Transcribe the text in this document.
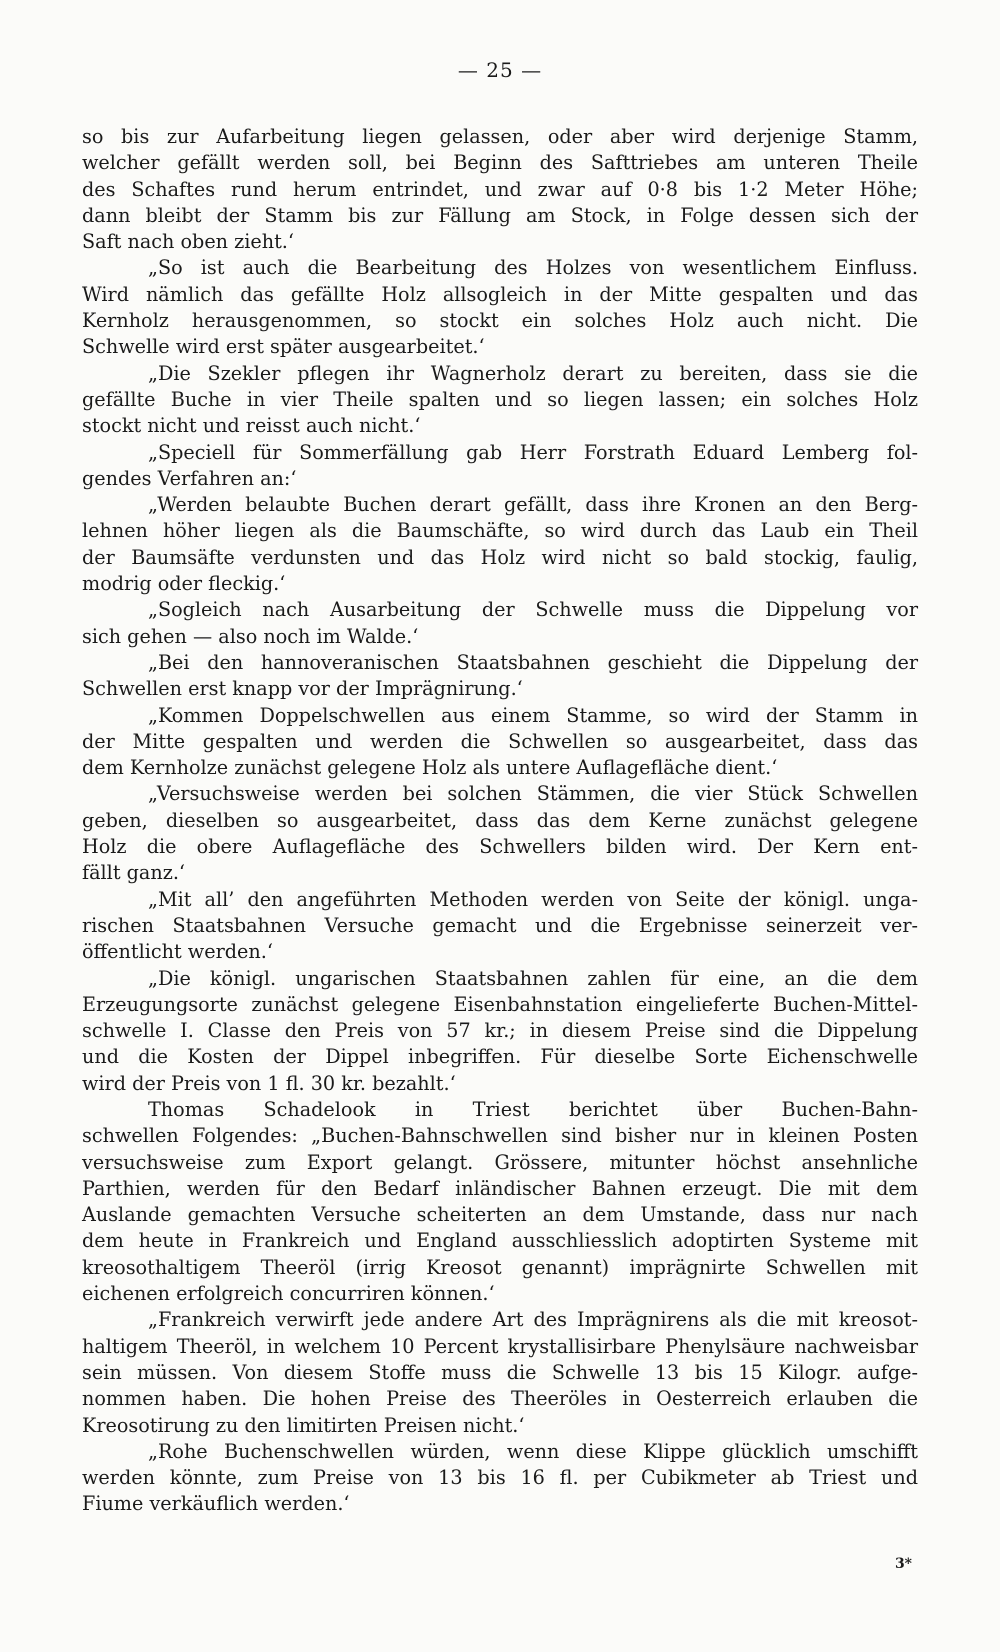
— 25 —
so bis zur Aufarbeitung liegen gelassen, oder aber wird derjenige Stamm,
welcher gefällt werden soll, bei Beginn des Safttriebes am unteren Theile
des Schaftes rund herum entrindet, und zwar auf 0·8 bis 1·2 Meter Höhe;
dann bleibt der Stamm bis zur Fällung am Stock, in Folge dessen sich der
Saft nach oben zieht.‘
„So ist auch die Bearbeitung des Holzes von wesentlichem Einfluss.
Wird nämlich das gefällte Holz allsogleich in der Mitte gespalten und das
Kernholz herausgenommen, so stockt ein solches Holz auch nicht. Die
Schwelle wird erst später ausgearbeitet.‘
„Die Szekler pflegen ihr Wagnerholz derart zu bereiten, dass sie die
gefällte Buche in vier Theile spalten und so liegen lassen; ein solches Holz
stockt nicht und reisst auch nicht.‘
„Speciell für Sommerfällung gab Herr Forstrath Eduard Lemberg fol-
gendes Verfahren an:‘
„Werden belaubte Buchen derart gefällt, dass ihre Kronen an den Berg-
lehnen höher liegen als die Baumschäfte, so wird durch das Laub ein Theil
der Baumsäfte verdunsten und das Holz wird nicht so bald stockig, faulig,
modrig oder fleckig.‘
„Sogleich nach Ausarbeitung der Schwelle muss die Dippelung vor
sich gehen — also noch im Walde.‘
„Bei den hannoveranischen Staatsbahnen geschieht die Dippelung der
Schwellen erst knapp vor der Imprägnirung.‘
„Kommen Doppelschwellen aus einem Stamme, so wird der Stamm in
der Mitte gespalten und werden die Schwellen so ausgearbeitet, dass das
dem Kernholze zunächst gelegene Holz als untere Auflagefläche dient.‘
„Versuchsweise werden bei solchen Stämmen, die vier Stück Schwellen
geben, dieselben so ausgearbeitet, dass das dem Kerne zunächst gelegene
Holz die obere Auflagefläche des Schwellers bilden wird. Der Kern ent-
fällt ganz.‘
„Mit all’ den angeführten Methoden werden von Seite der königl. unga-
rischen Staatsbahnen Versuche gemacht und die Ergebnisse seinerzeit ver-
öffentlicht werden.‘
„Die königl. ungarischen Staatsbahnen zahlen für eine, an die dem
Erzeugungsorte zunächst gelegene Eisenbahnstation eingelieferte Buchen-Mittel-
schwelle I. Classe den Preis von 57 kr.; in diesem Preise sind die Dippelung
und die Kosten der Dippel inbegriffen. Für dieselbe Sorte Eichenschwelle
wird der Preis von 1 fl. 30 kr. bezahlt.‘
Thomas Schadelook in Triest berichtet über Buchen-Bahn-
schwellen Folgendes: „Buchen-Bahnschwellen sind bisher nur in kleinen Posten
versuchsweise zum Export gelangt. Grössere, mitunter höchst ansehnliche
Parthien, werden für den Bedarf inländischer Bahnen erzeugt. Die mit dem
Auslande gemachten Versuche scheiterten an dem Umstande, dass nur nach
dem heute in Frankreich und England ausschliesslich adoptirten Systeme mit
kreosothaltigem Theeröl (irrig Kreosot genannt) imprägnirte Schwellen mit
eichenen erfolgreich concurriren können.‘
„Frankreich verwirft jede andere Art des Imprägnirens als die mit kreosot-
haltigem Theeröl, in welchem 10 Percent krystallisirbare Phenylsäure nachweisbar
sein müssen. Von diesem Stoffe muss die Schwelle 13 bis 15 Kilogr. aufge-
nommen haben. Die hohen Preise des Theeröles in Oesterreich erlauben die
Kreosotirung zu den limitirten Preisen nicht.‘
„Rohe Buchenschwellen würden, wenn diese Klippe glücklich umschifft
werden könnte, zum Preise von 13 bis 16 fl. per Cubikmeter ab Triest und
Fiume verkäuflich werden.‘
3*
